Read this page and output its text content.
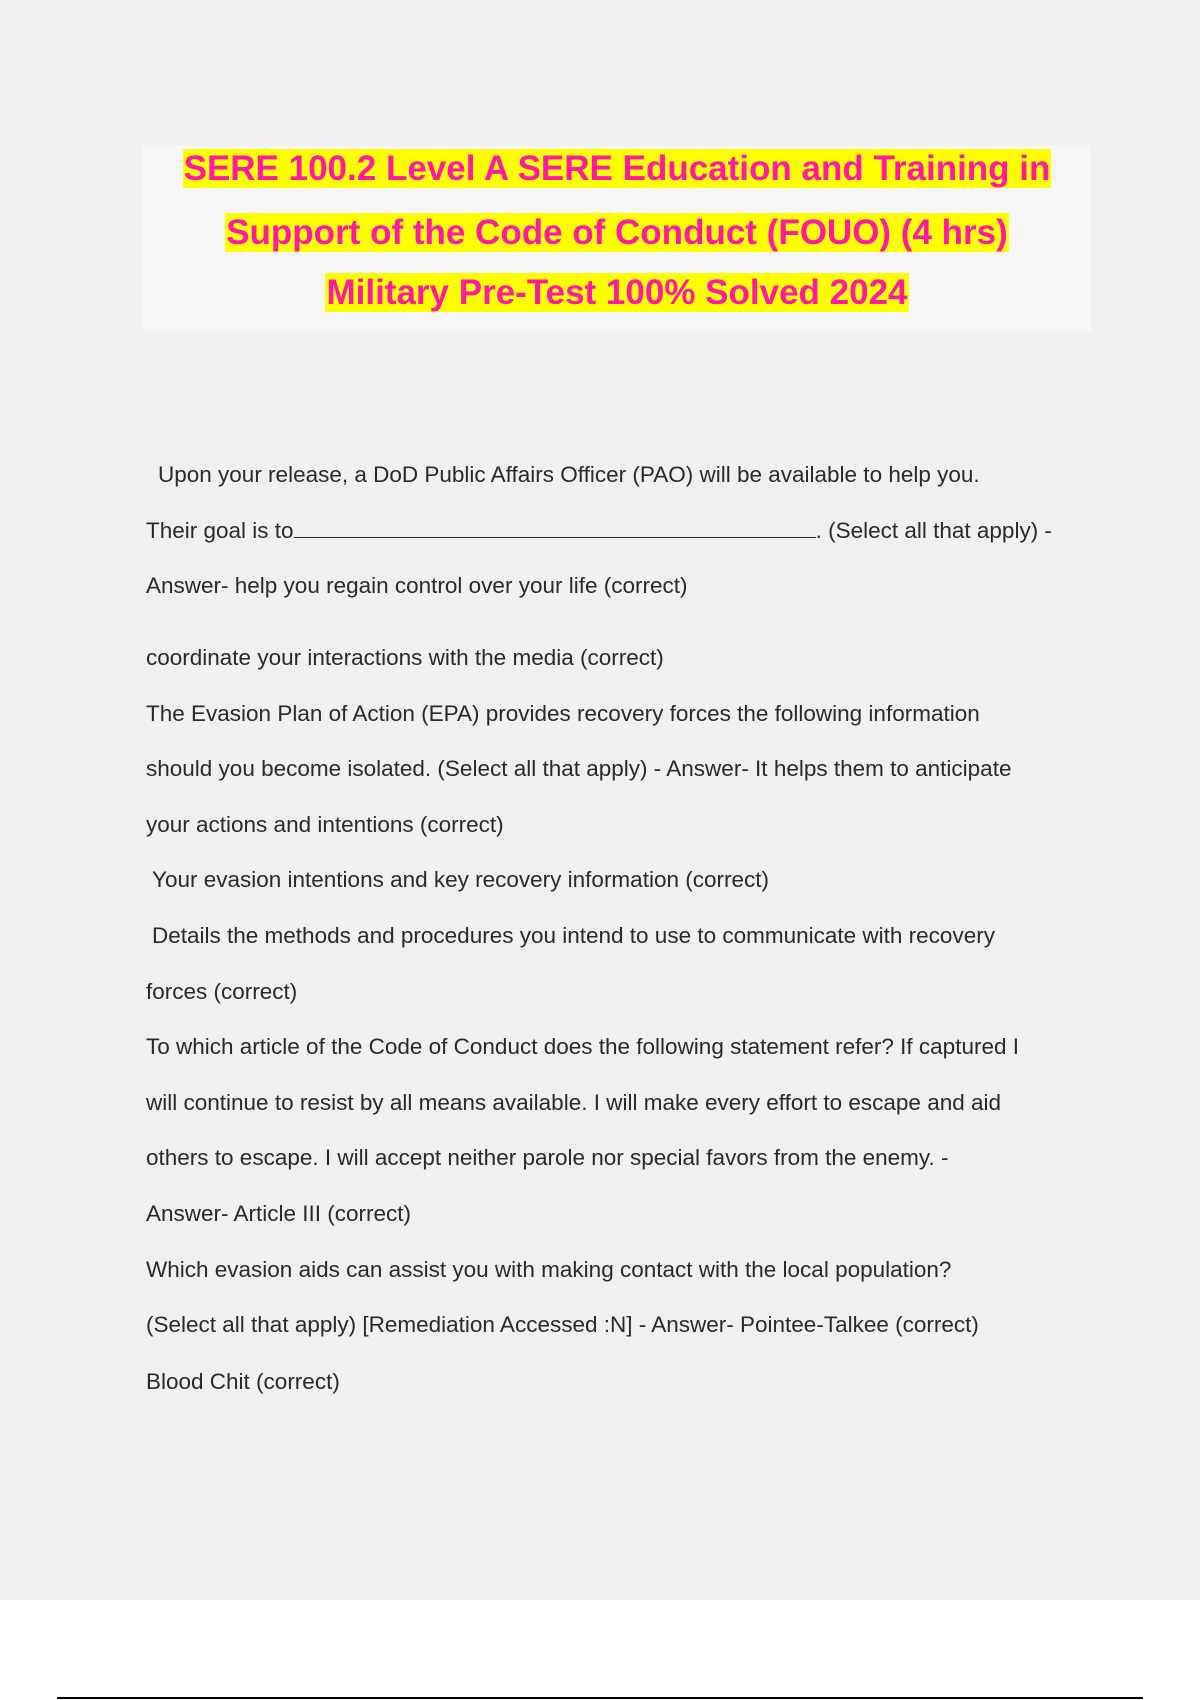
SERE 100.2 Level A SERE Education and Training in
Support of the Code of Conduct (FOUO) (4 hrs)
Military Pre-Test 100% Solved 2024
Upon your release, a DoD Public Affairs Officer (PAO) will be available to help you.
Their goal is to	. (Select all that apply) -
Answer- help you regain control over your life (correct)
coordinate your interactions with the media (correct)
The Evasion Plan of Action (EPA) provides recovery forces the following information
should you become isolated. (Select all that apply) - Answer- It helps them to anticipate
your actions and intentions (correct)
Your evasion intentions and key recovery information (correct)
Details the methods and procedures you intend to use to communicate with recovery
forces (correct)
To which article of the Code of Conduct does the following statement refer? If captured I
will continue to resist by all means available. I will make every effort to escape and aid
others to escape. I will accept neither parole nor special favors from the enemy. -
Answer- Article III (correct)
Which evasion aids can assist you with making contact with the local population?
(Select all that apply) [Remediation Accessed :N] - Answer- Pointee-Talkee (correct)
Blood Chit (correct)
